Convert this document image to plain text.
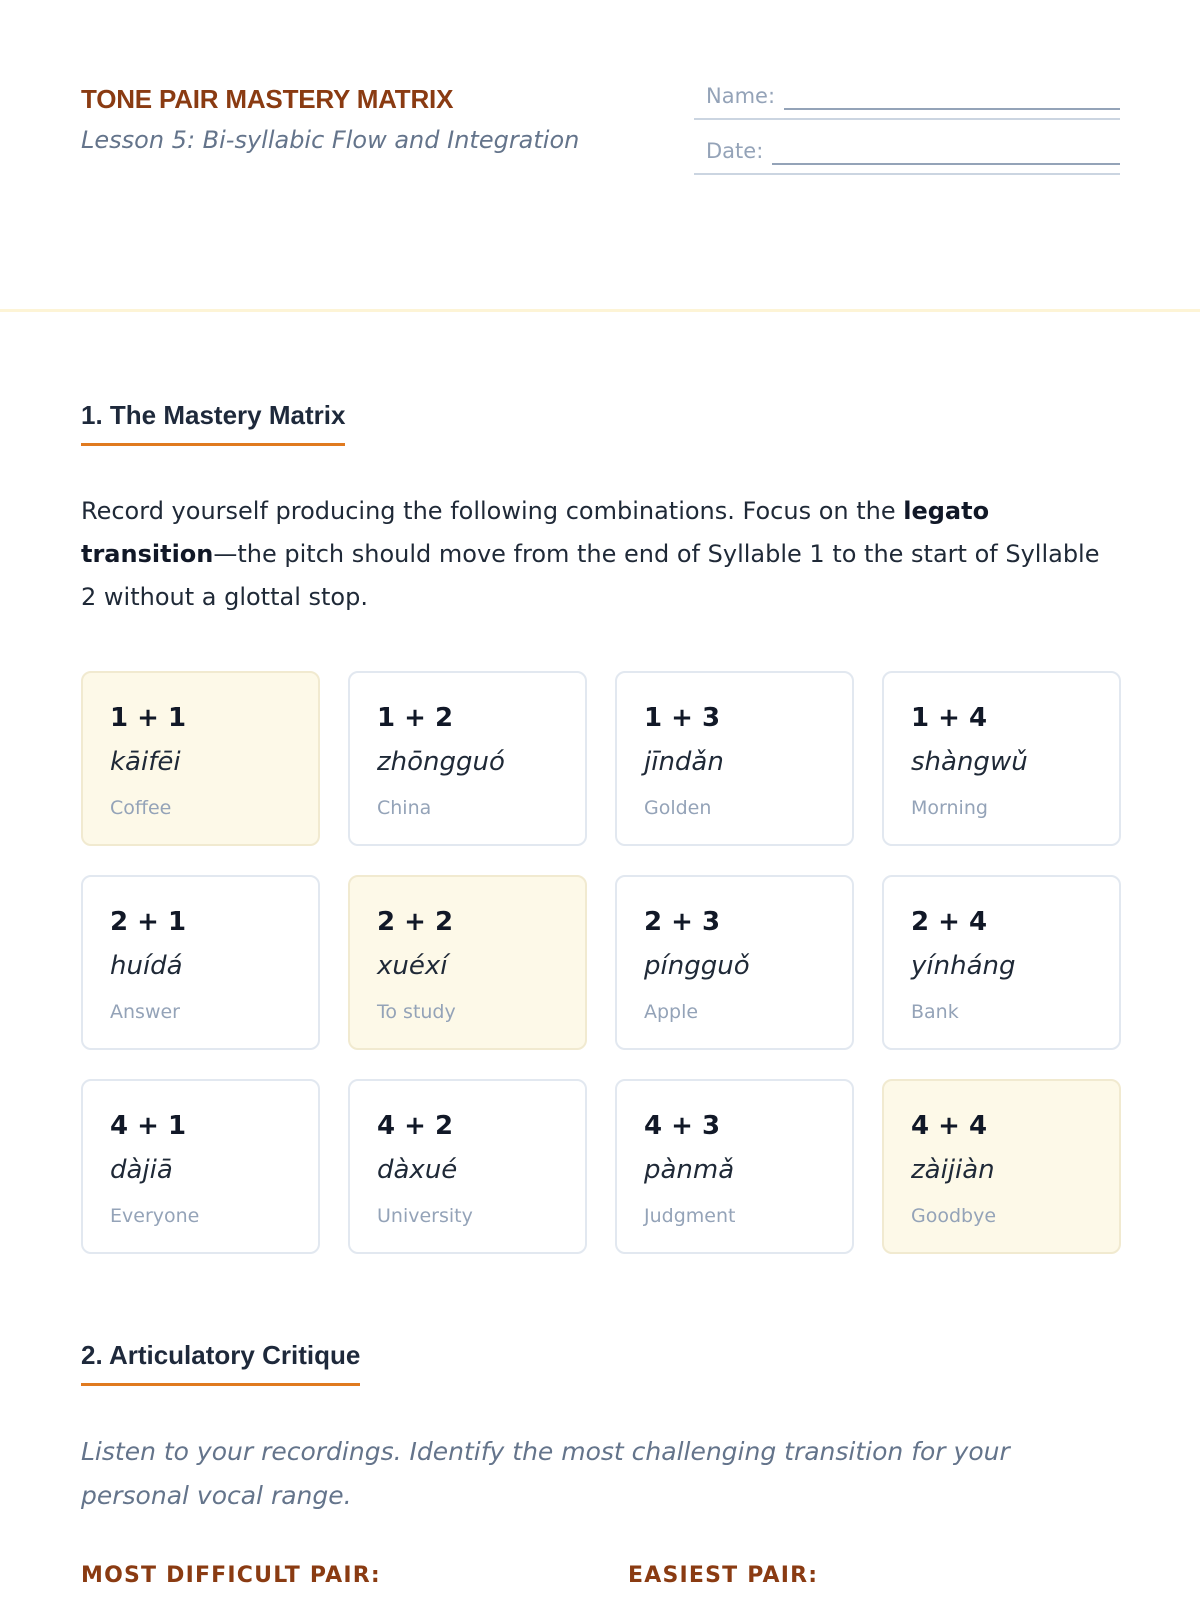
TONE PAIR MASTERY MATRIX
Lesson 5: Bi-syllabic Flow and Integration
Name:
Date:
1. The Mastery Matrix

Record yourself producing the following combinations. Focus on the legato transition—the pitch should move from the end of Syllable 1 to the start of Syllable 2 without a glottal stop.

1 + 1
kāifēi
Coffee
1 + 2
zhōngguó
China
1 + 3
jīndǎn
Golden
1 + 4
shàngwǔ
Morning
2 + 1
huídá
Answer
2 + 2
xuéxí
To study
2 + 3
píngguǒ
Apple
2 + 4
yínháng
Bank
4 + 1
dàjiā
Everyone
4 + 2
dàxué
University
4 + 3
pànmǎ
Judgment
4 + 4
zàijiàn
Goodbye
2. Articulatory Critique

Listen to your recordings. Identify the most challenging transition for your personal vocal range.

MOST DIFFICULT PAIR:	EASIEST PAIR:
